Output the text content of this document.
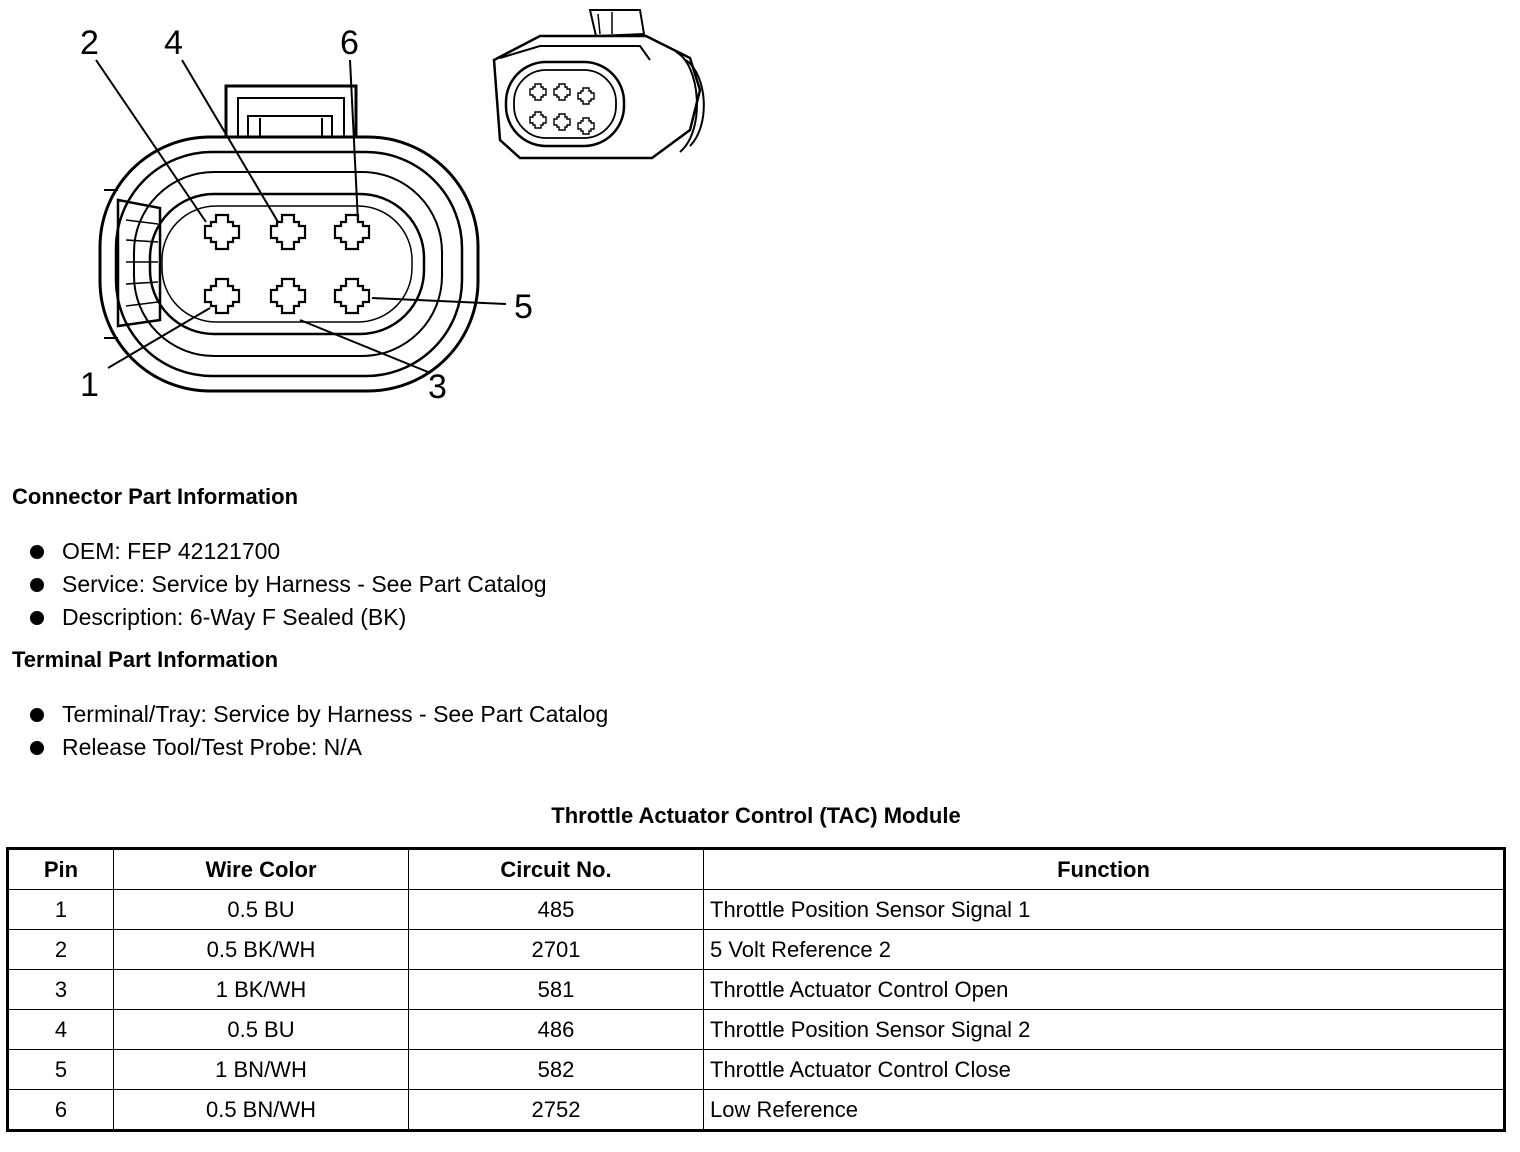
2 4	6
5
1	3
Connector Part Information
OEM: FEP 42121700
Service: Service by Harness - See Part Catalog
Description: 6-Way F Sealed (BK)
Terminal Part Information
Terminal/Tray: Service by Harness - See Part Catalog
Release Tool/Test Probe: N/A
Throttle Actuator Control (TAC) Module
Pin	Wire Color	Circuit No.	Function
1	0.5 BU	485	Throttle Position Sensor Signal 1
2	0.5 BK/WH	2701	5 Volt Reference 2
3	1 BK/WH	581	Throttle Actuator Control Open
4	0.5 BU	486	Throttle Position Sensor Signal 2
5	1 BN/WH	582	Throttle Actuator Control Close
6	0.5 BN/WH	2752	Low Reference
